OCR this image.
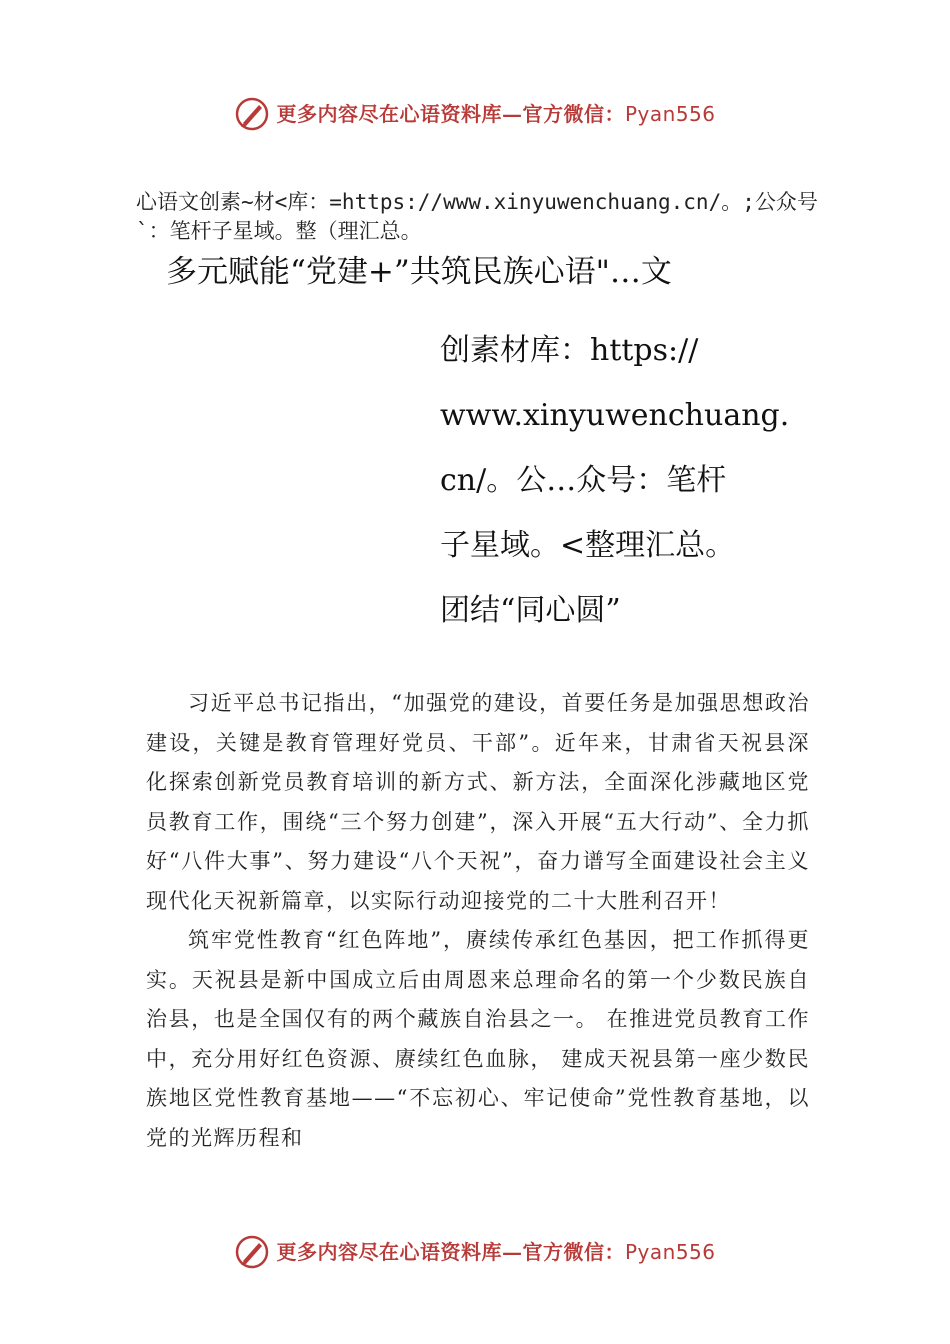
更多内容尽在心语资料库—官方微信： Pyan556
心语文创素~材<库：=https://www.xinyuwenchuang.cn/。;公众号`：笔杆子星域。整（理汇总。
多元赋能“党建+”共筑民族心语"…文
创素材库：https://
www.xinyuwenchuang.
cn/。公…众号：笔杆
子星域。<整理汇总。
团结“同心圆”

习近平总书记指出，“加强党的建设，首要任务是加强思想政治建设，关键是教育管理好党员、干部”。近年来，甘肃省天祝县深化探索创新党员教育培训的新方式、新方法，全面深化涉藏地区党员教育工作，围绕“三个努力创建”，深入开展“五大行动”、全力抓好“八件大事”、努力建设“八个天祝”，奋力谱写全面建设社会主义现代化天祝新篇章，以实际行动迎接党的二十大胜利召开！

筑牢党性教育“红色阵地”，赓续传承红色基因，把工作抓得更实。天祝县是新中国成立后由周恩来总理命名的第一个少数民族自治县，也是全国仅有的两个藏族自治县之一。 在推进党员教育工作中，充分用好红色资源、赓续红色血脉， 建成天祝县第一座少数民族地区党性教育基地——“不忘初心、牢记使命”党性教育基地，以党的光辉历程和

更多内容尽在心语资料库—官方微信： Pyan556
